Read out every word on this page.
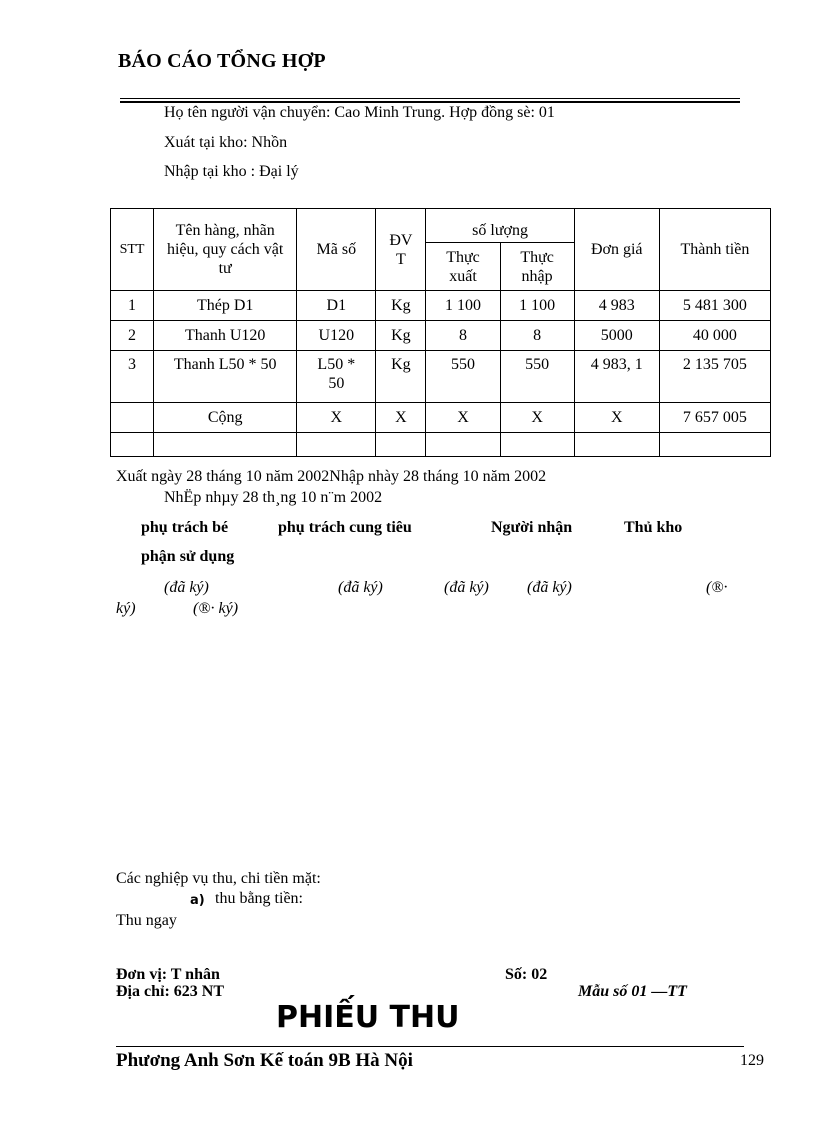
BÁO CÁO TỔNG HỢP
Họ tên người vận chuyển: Cao Minh Trung. Hợp đồng sè: 01
Xuát tại kho: Nhồn
Nhập tại kho : Đại lý
STT	Tên hàng, nhãn hiệu, quy cách vật tư	Mã số	ĐVT	số lượng		Đơn giá	Thành tiền
				Thực xuất	Thực nhập		
1	Thép D1	D1	Kg	1 100	1 100	4 983	5 481 300
2	Thanh U120	U120	Kg	8	8	5000	40 000
3	Thanh L50 * 50	L50 * 50	Kg	550	550	4 983, 1	2 135 705
	Cộng	X	X	X	X	X	7 657 005

Xuất ngày 28 tháng 10 năm 2002Nhập nhày 28 tháng 10 năm 2002
NhËp nhµy 28 th¸ng 10 n¨m 2002
phụ trách bé	phụ trách cung tiêu	Người nhận	Thủ kho
phận sử dụng
(đã ký)	(đã ký)	(đã ký) (đã ký)	(®·
ký)	(®· ký)
Các nghiệp vụ thu, chi tiền mặt:
a) thu bằng tiền:
Thu ngay
Đơn vị: T nhân
Địa chỉ: 623 NT
Số: 02
Mẫu số 01 —TT
PHIẾU THU
Phương Anh Sơn Kế toán 9B Hà Nội	129
